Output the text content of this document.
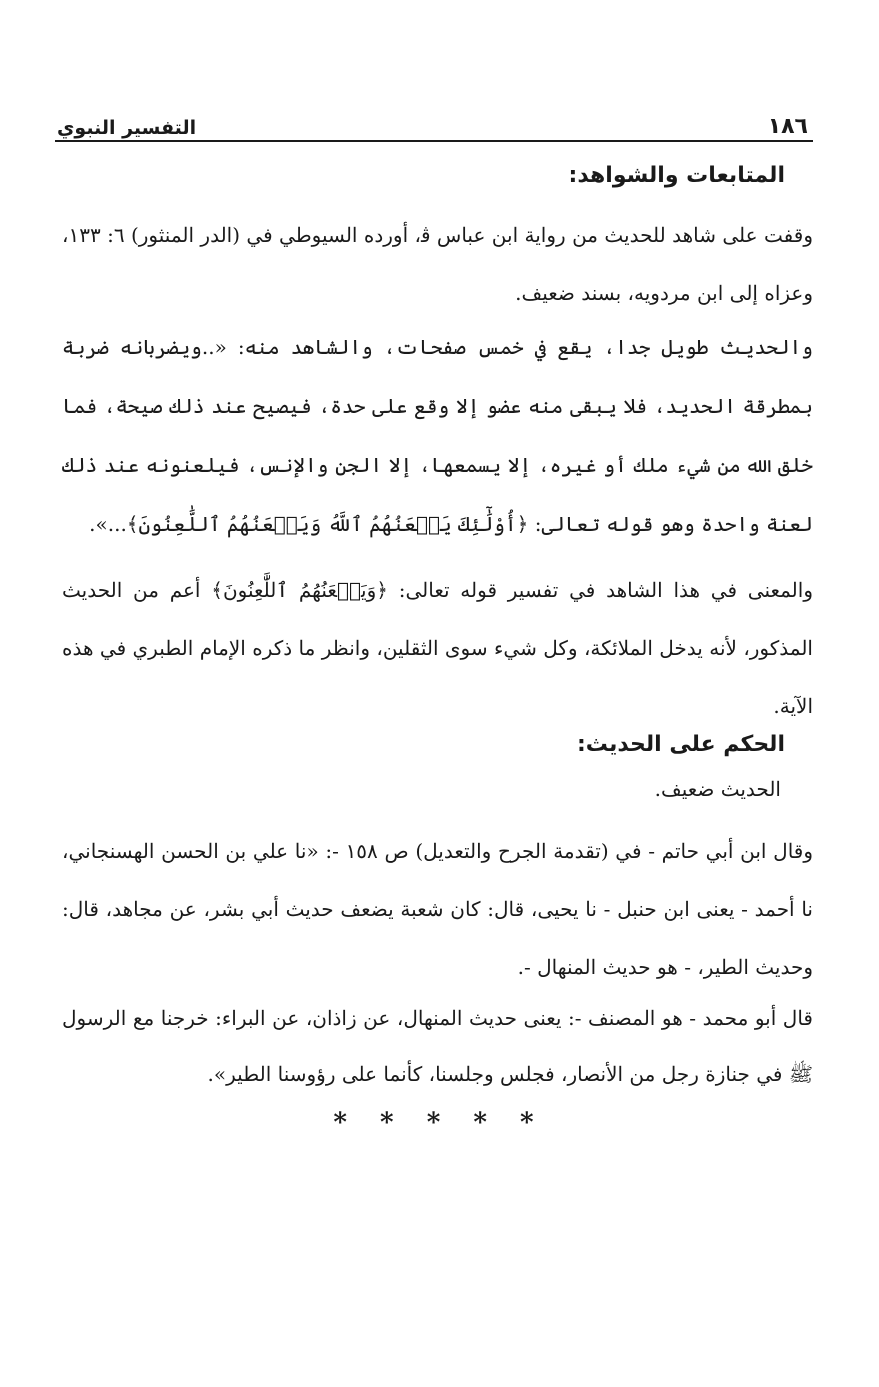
١٨٦
التفسير النبوي
المتابعات والشواهد:
وقفت على شاهد للحديث من رواية ابن عباس ﭬ، أورده السيوطي في (الدر المنثور) ٦: ١٣٣، وعزاه إلى ابن مردويه، بسند ضعيف.
والحديث طويل جدا، يقع في خمس صفحات، والشاهد منه: «..ويضربانه ضربة بمطرقة الحديد، فلا يبقى منه عضو إلا وقع على حدة، فيصيح عند ذلك صيحة، فما خلق الله من شيء ملك أو غيره، إلا يسمعها، إلا الجن والإنس، فيلعنونه عند ذلك لعنة واحدة وهو قوله تعالى: ﴿أُوْلَٰٓئِكَ يَلۡعَنُهُمُ ٱللَّهُ وَيَلۡعَنُهُمُ ٱللَّٰعِنُونَ﴾...».
والمعنى في هذا الشاهد في تفسير قوله تعالى: ﴿وَيَلۡعَنُهُمُ ٱللَّٰعِنُونَ﴾ أعم من الحديث المذكور، لأنه يدخل الملائكة، وكل شيء سوى الثقلين، وانظر ما ذكره الإمام الطبري في هذه الآية.
الحكم على الحديث:
الحديث ضعيف.
وقال ابن أبي حاتم - في (تقدمة الجرح والتعديل) ص ١٥٨ -: «نا علي بن الحسن الهسنجاني، نا أحمد - يعنى ابن حنبل - نا يحيى، قال: كان شعبة يضعف حديث أبي بشر، عن مجاهد، قال: وحديث الطير، - هو حديث المنهال -.
قال أبو محمد - هو المصنف -: يعنى حديث المنهال، عن زاذان، عن البراء: خرجنا مع الرسول ﷺ في جنازة رجل من الأنصار، فجلس وجلسنا، كأنما على رؤوسنا الطير».
* * * * *
